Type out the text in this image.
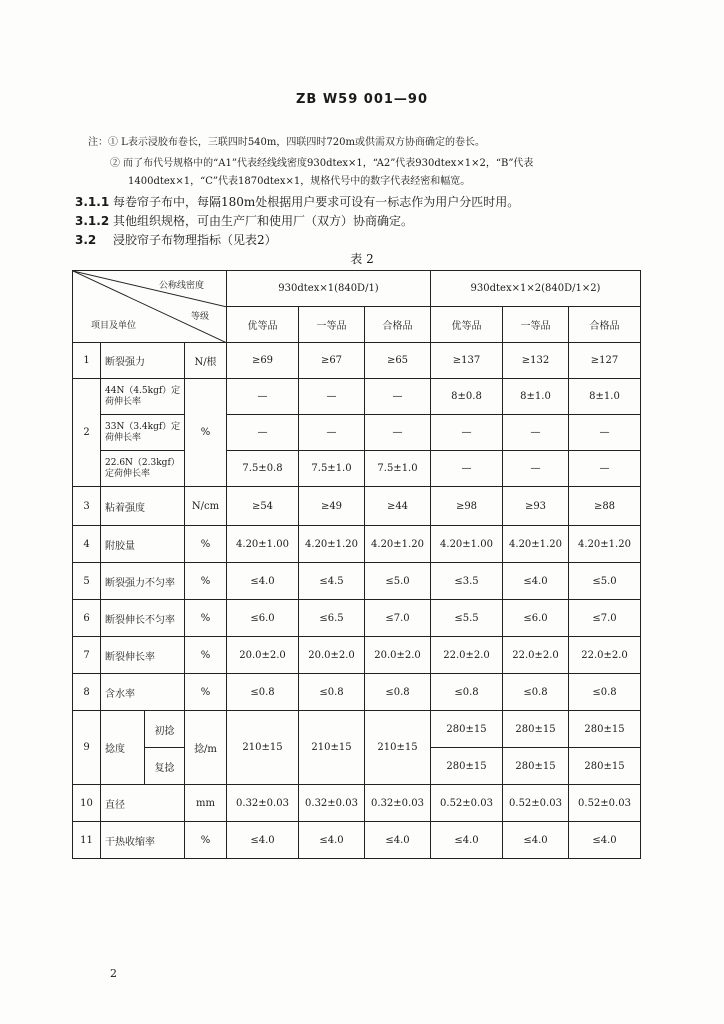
ZB W59 001—90
注：① L表示浸胶布卷长，三联四时540m，四联四时720m或供需双方协商确定的卷长。
② 而了布代号规格中的“A1”代表经线线密度930dtex×1，“A2”代表930dtex×1×2，“B”代表
1400dtex×1，“C”代表1870dtex×1，规格代号中的数字代表经密和幅宽。
3.1.1 每卷帘子布中，每隔180m处根据用户要求可设有一标志作为用户分匹时用。
3.1.2 其他组织规格，可由生产厂和使用厂（双方）协商确定。
3.2 浸胶帘子布物理指标（见表2）
表 2
公称线密度
等级
项目及单位				930dtex×1(840D/1)			930dtex×1×2(840D/1×2)		
				优等品	一等品	合格品	优等品	一等品	合格品
1	断裂强力		N/根	≥69	≥67	≥65	≥137	≥132	≥127
2	44N（4.5kgf）定荷伸长率		%	—	—	—	8±0.8	8±1.0	8±1.0
	33N（3.4kgf）定荷伸长率			—	—	—	—	—	—
	22.6N（2.3kgf）定荷伸长率			7.5±0.8	7.5±1.0	7.5±1.0	—	—	—
3	粘着强度		N/cm	≥54	≥49	≥44	≥98	≥93	≥88
4	附胶量		%	4.20±1.00	4.20±1.20	4.20±1.20	4.20±1.00	4.20±1.20	4.20±1.20
5	断裂强力不匀率		%	≤4.0	≤4.5	≤5.0	≤3.5	≤4.0	≤5.0
6	断裂伸长不匀率		%	≤6.0	≤6.5	≤7.0	≤5.5	≤6.0	≤7.0
7	断裂伸长率		%	20.0±2.0	20.0±2.0	20.0±2.0	22.0±2.0	22.0±2.0	22.0±2.0
8	含水率		%	≤0.8	≤0.8	≤0.8	≤0.8	≤0.8	≤0.8
9	捻度	初捻	捻/m	210±15	210±15	210±15	280±15	280±15	280±15
		复捻					280±15	280±15	280±15
10	直径		mm	0.32±0.03	0.32±0.03	0.32±0.03	0.52±0.03	0.52±0.03	0.52±0.03
11	干热收缩率		%	≤4.0	≤4.0	≤4.0	≤4.0	≤4.0	≤4.0
2
